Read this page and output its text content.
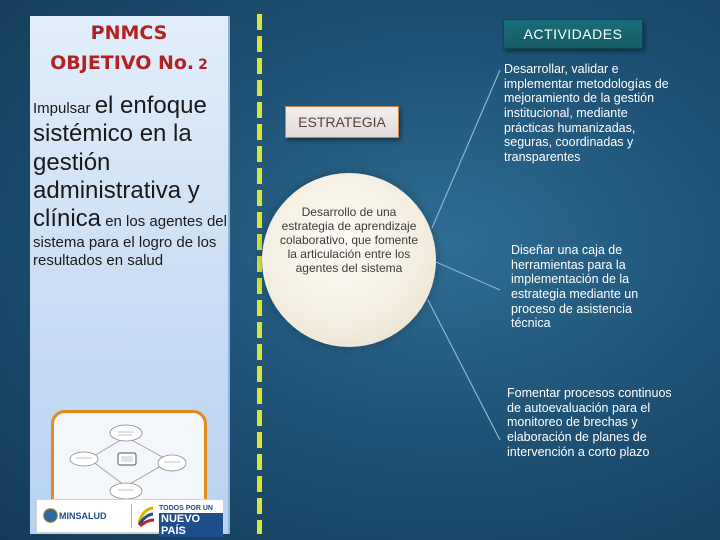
PNMCS
OBJETIVO No. 2
Impulsar el enfoque sistémico en la gestión administrativa y clínica en los agentes del sistema para el logro de los resultados en salud
MINSALUD
TODOS POR UN
NUEVO PAÍS
ESTRATEGIA
Desarrollo de una estrategia de aprendizaje colaborativo, que fomente la articulación entre los agentes del sistema
ACTIVIDADES
Desarrollar, validar e implementar metodologías de mejoramiento de la gestión institucional, mediante prácticas humanizadas, seguras, coordinadas y transparentes
Diseñar una caja de herramientas para la implementación de la estrategia mediante un proceso de asistencia técnica
Fomentar procesos continuos de autoevaluación para el monitoreo de brechas y elaboración de planes de intervención a corto plazo
